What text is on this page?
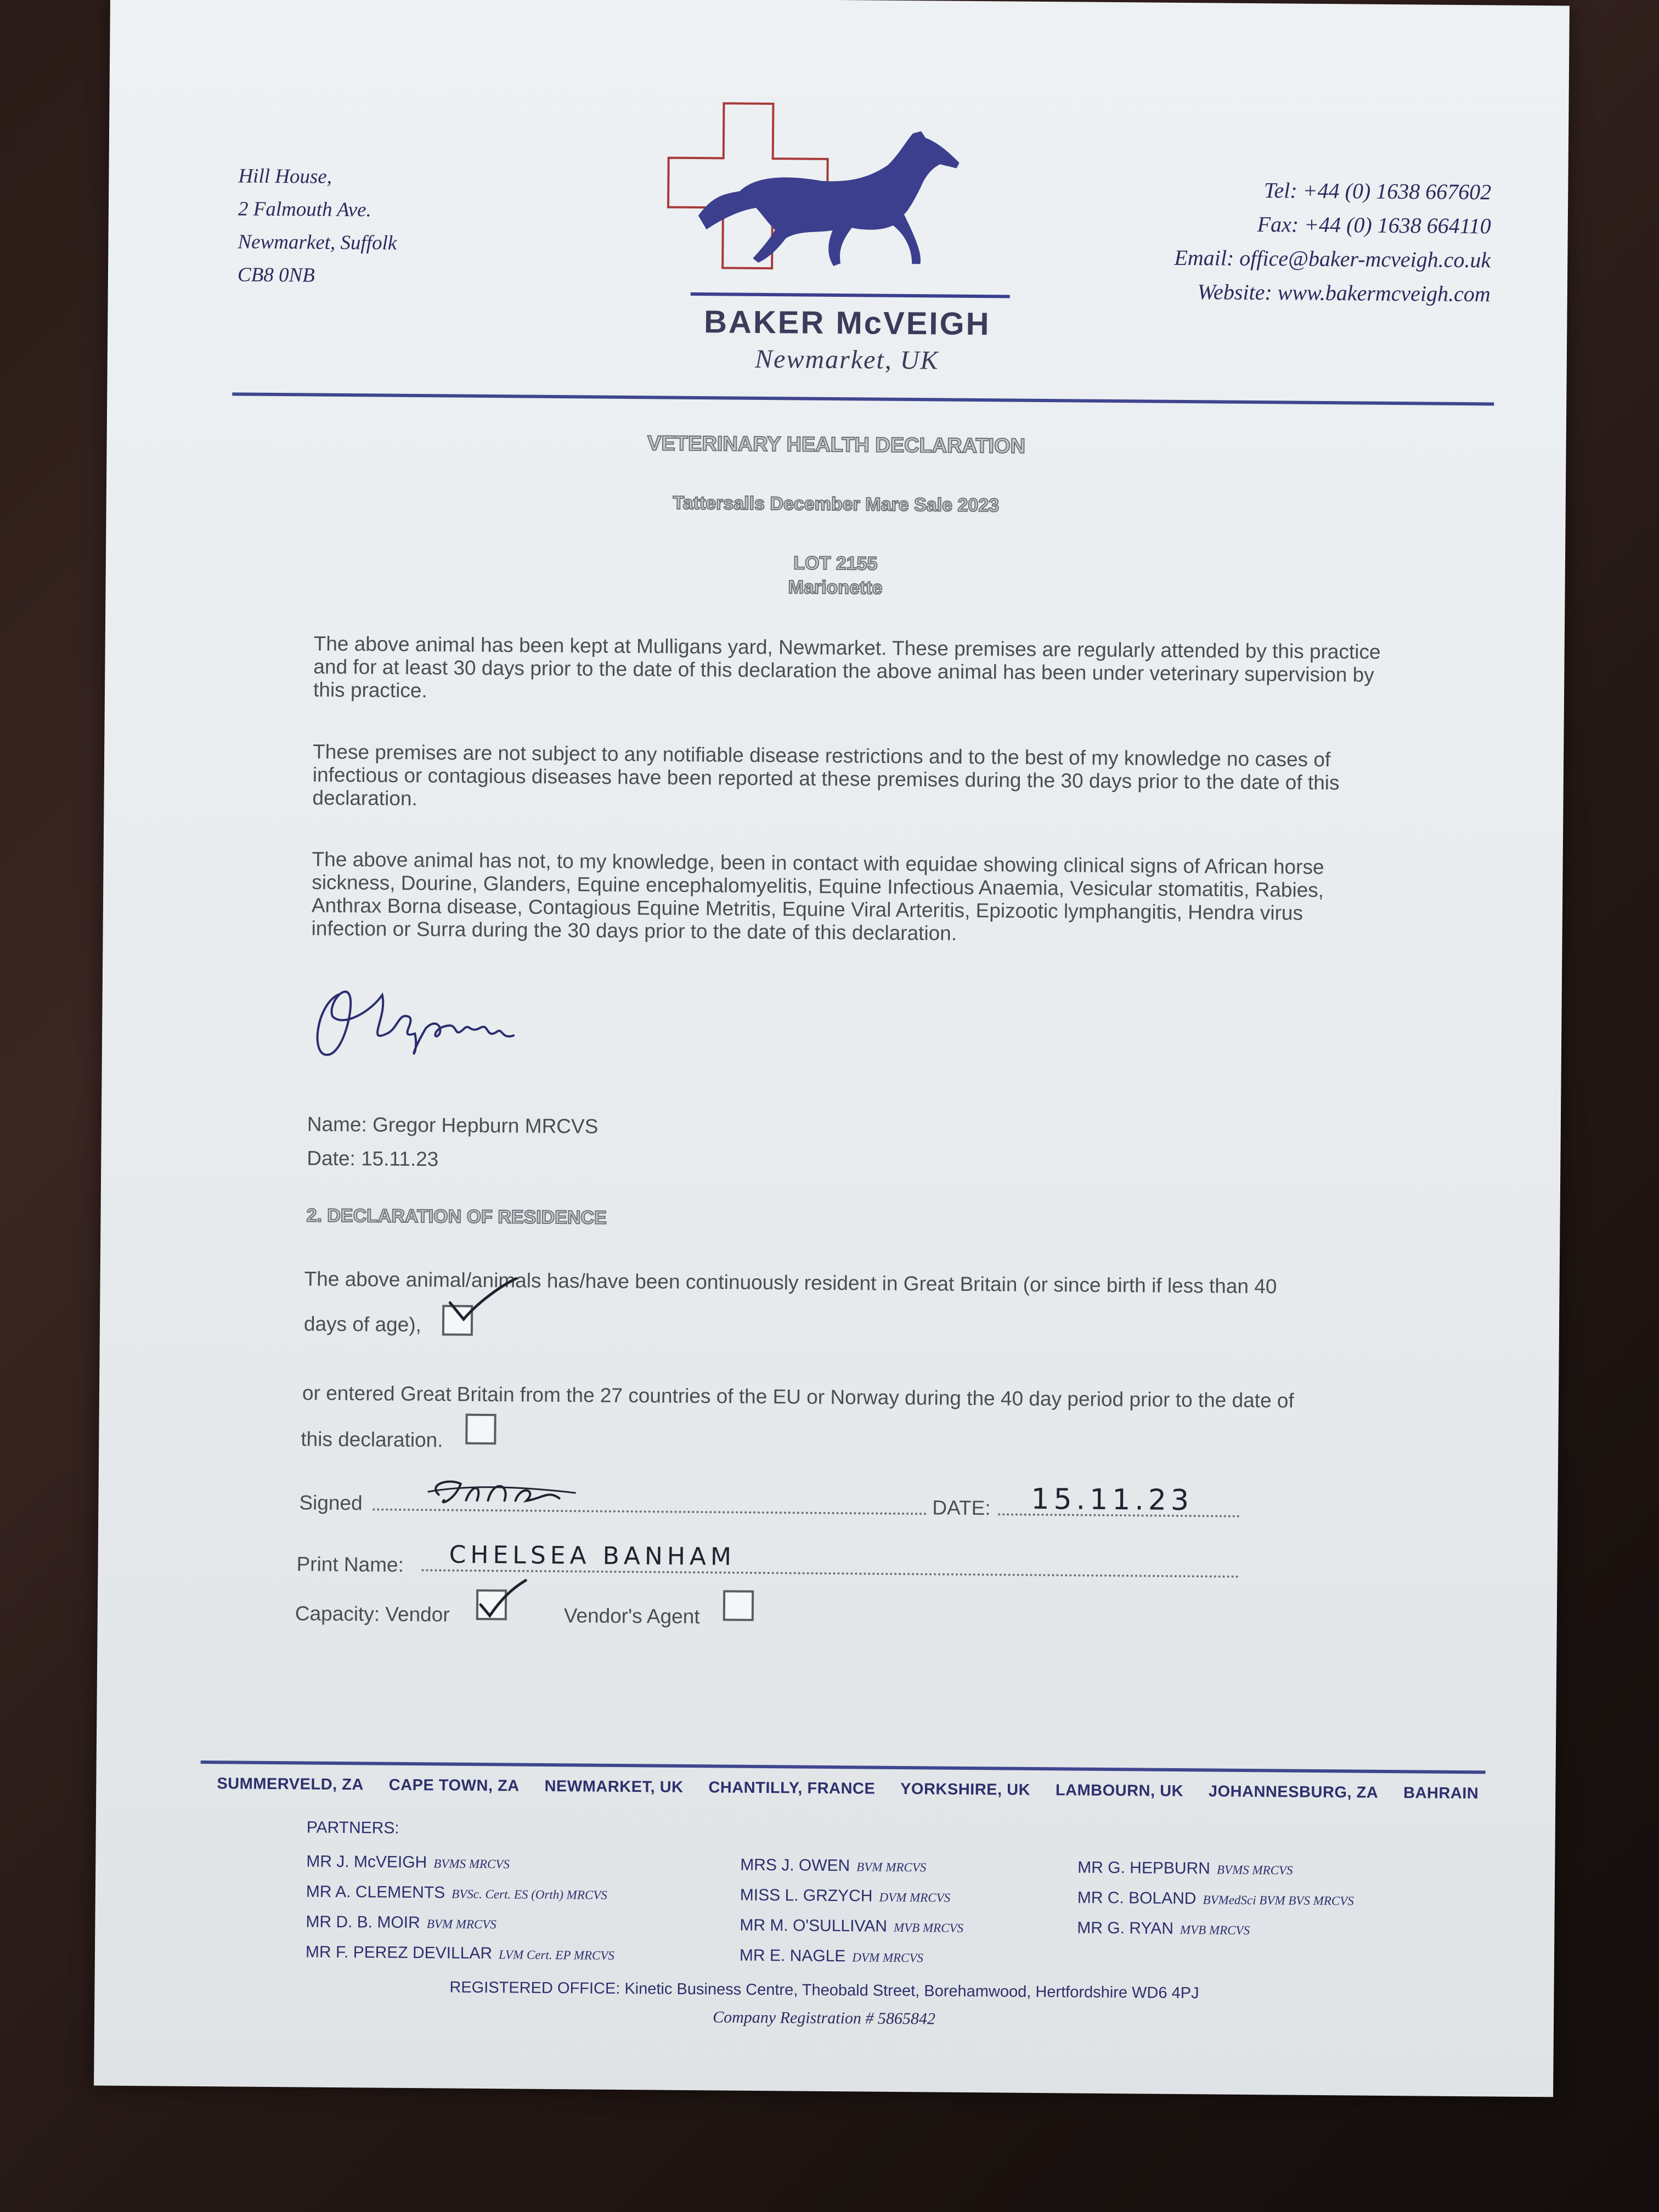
Hill House,
2 Falmouth Ave.
Newmarket, Suffolk
CB8 0NB
BAKER McVEIGH
Newmarket, UK
Tel: +44 (0) 1638 667602
Fax: +44 (0) 1638 664110
Email: office@baker-mcveigh.co.uk
Website: www.bakermcveigh.com
VETERINARY HEALTH DECLARATION
Tattersalls December Mare Sale 2023
LOT 2155
Marionette
The above animal has been kept at Mulligans yard, Newmarket. These premises are regularly attended by this practice and for at least 30 days prior to the date of this declaration the above animal has been under veterinary supervision by this practice.
These premises are not subject to any notifiable disease restrictions and to the best of my knowledge no cases of infectious or contagious diseases have been reported at these premises during the 30 days prior to the date of this declaration.
The above animal has not, to my knowledge, been in contact with equidae showing clinical signs of African horse sickness, Dourine, Glanders, Equine encephalomyelitis, Equine Infectious Anaemia, Vesicular stomatitis, Rabies, Anthrax Borna disease, Contagious Equine Metritis, Equine Viral Arteritis, Epizootic lymphangitis, Hendra virus infection or Surra during the 30 days prior to the date of this declaration.
Name: Gregor Hepburn MRCVS
Date: 15.11.23
2. DECLARATION OF RESIDENCE
The above animal/animals has/have been continuously resident in Great Britain (or since birth if less than 40
days of age),
or entered Great Britain from the 27 countries of the EU or Norway during the 40 day period prior to the date of
this declaration.
Signed	DATE: 15.11.23
Print Name: CHELSEA BANHAM
Capacity: Vendor	Vendor's Agent
SUMMERVELD, ZA CAPE TOWN, ZA NEWMARKET, UK CHANTILLY, FRANCE YORKSHIRE, UK LAMBOURN, UK JOHANNESBURG, ZA BAHRAIN
PARTNERS:
MR J. McVEIGH BVMS MRCVS
MR A. CLEMENTS BVSc. Cert. ES (Orth) MRCVS
MR D. B. MOIR BVM MRCVS
MR F. PEREZ DEVILLAR LVM Cert. EP MRCVS
MRS J. OWEN BVM MRCVS
MISS L. GRZYCH DVM MRCVS
MR M. O'SULLIVAN MVB MRCVS
MR E. NAGLE DVM MRCVS
MR G. HEPBURN BVMS MRCVS
MR C. BOLAND BVMedSci BVM BVS MRCVS
MR G. RYAN MVB MRCVS
REGISTERED OFFICE: Kinetic Business Centre, Theobald Street, Borehamwood, Hertfordshire WD6 4PJ
Company Registration # 5865842
